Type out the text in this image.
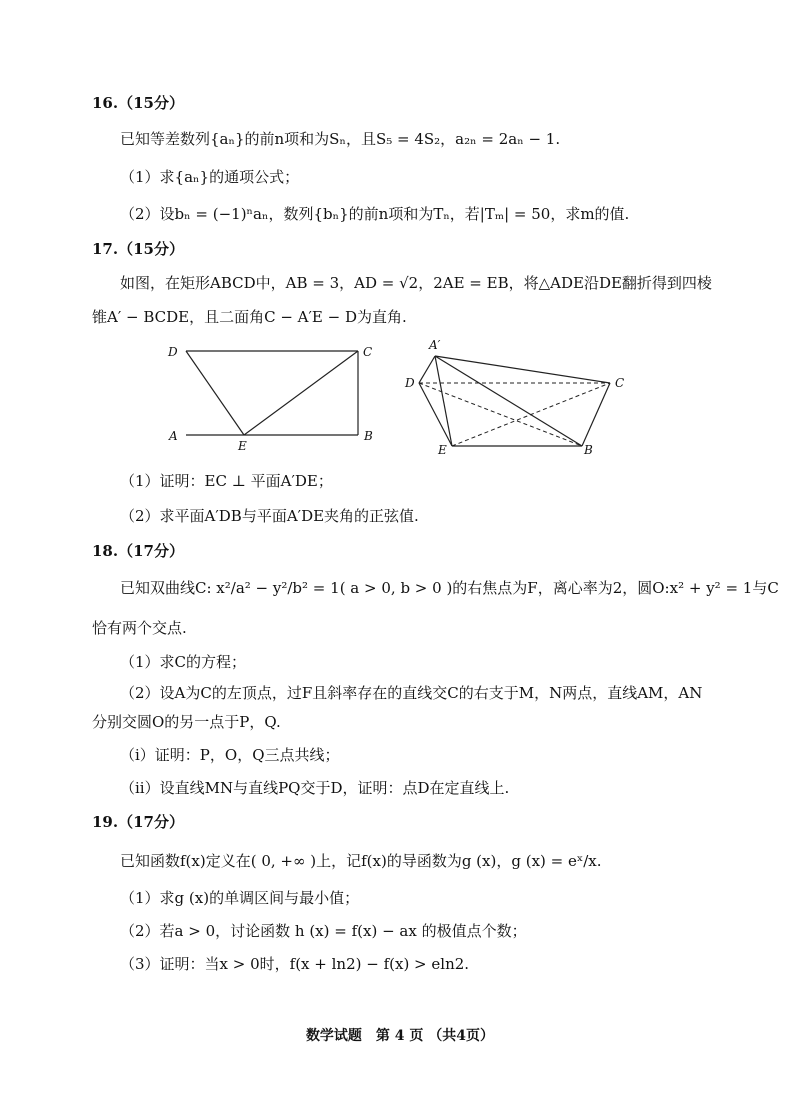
16.（15分）
已知等差数列{aₙ}的前n项和为Sₙ，且S₅ = 4S₂，a₂ₙ = 2aₙ − 1.
（1）求{aₙ}的通项公式；
（2）设bₙ = (−1)ⁿaₙ，数列{bₙ}的前n项和为Tₙ，若|Tₘ| = 50，求m的值.
17.（15分）
如图，在矩形ABCD中，AB = 3，AD = √2，2AE = EB，将△ADE沿DE翻折得到四棱
锥A′ − BCDE，且二面角C − A′E − D为直角.
D	C
A
E
B
A′
D	C
E	B
（1）证明：EC ⊥ 平面A′DE；
（2）求平面A′DB与平面A′DE夹角的正弦值.
18.（17分）
已知双曲线C: x²/a² − y²/b² = 1( a > 0, b > 0 )的右焦点为F，离心率为2，圆O:x² + y² = 1与C
恰有两个交点.
（1）求C的方程；
（2）设A为C的左顶点，过F且斜率存在的直线交C的右支于M，N两点，直线AM，AN
分别交圆O的另一点于P，Q.
（i）证明：P，O，Q三点共线；
（ii）设直线MN与直线PQ交于D，证明：点D在定直线上.
19.（17分）
已知函数f(x)定义在( 0, +∞ )上，记f(x)的导函数为g (x)，g (x) = eˣ/x.
（1）求g (x)的单调区间与最小值；
（2）若a > 0，讨论函数 h (x) = f(x) − ax 的极值点个数；
（3）证明：当x > 0时，f(x + ln2) − f(x) > eln2.
数学试题　第 4 页 （共4页）
